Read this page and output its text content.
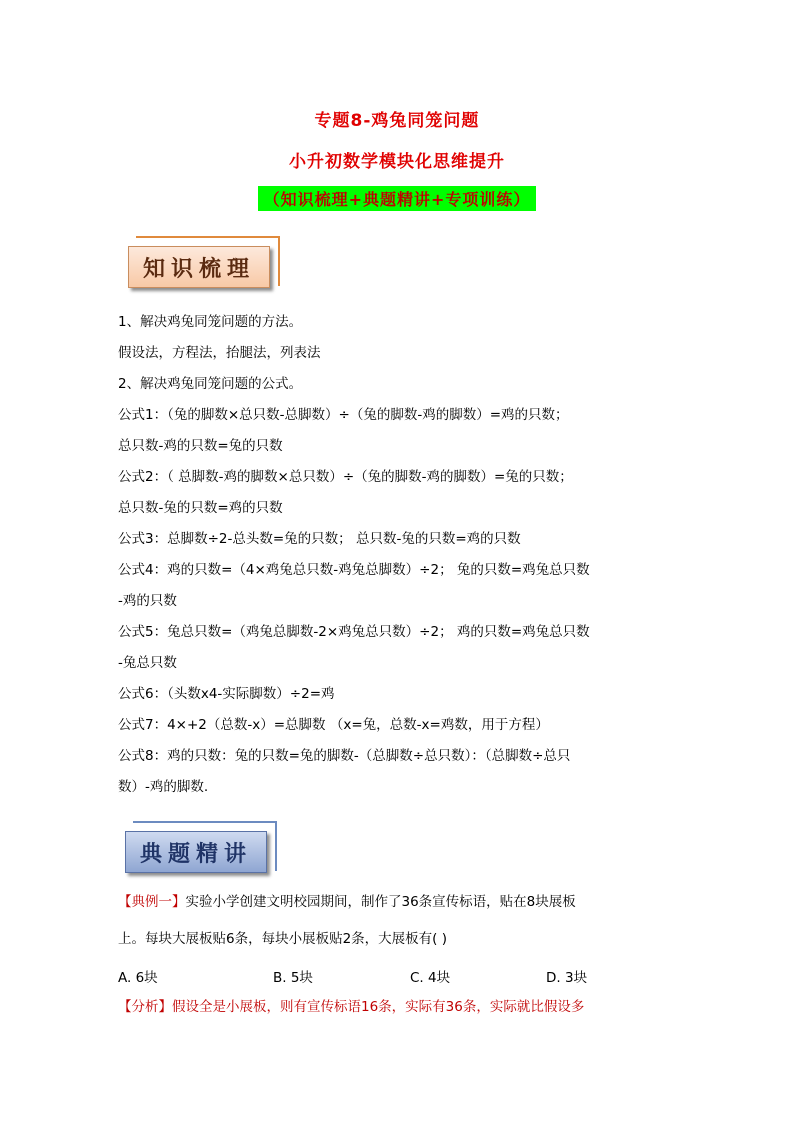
专题8-鸡兔同笼问题
小升初数学模块化思维提升
（知识梳理+典题精讲+专项训练）
知识梳理
1、解决鸡兔同笼问题的方法。
假设法，方程法，抬腿法，列表法
2、解决鸡兔同笼问题的公式。
公式1：（兔的脚数×总只数-总脚数）÷（兔的脚数-鸡的脚数）=鸡的只数；
总只数-鸡的只数=兔的只数
公式2：（ 总脚数-鸡的脚数×总只数）÷（兔的脚数-鸡的脚数）=兔的只数；
总只数-兔的只数=鸡的只数
公式3：总脚数÷2-总头数=兔的只数； 总只数-兔的只数=鸡的只数
公式4：鸡的只数=（4×鸡兔总只数-鸡兔总脚数）÷2； 兔的只数=鸡兔总只数
-鸡的只数
公式5：兔总只数=（鸡兔总脚数-2×鸡兔总只数）÷2； 鸡的只数=鸡兔总只数
-兔总只数
公式6：（头数x4-实际脚数）÷2=鸡
公式7：4×+2（总数-x）=总脚数 （x=兔，总数-x=鸡数，用于方程）
公式8：鸡的只数：兔的只数=兔的脚数-（总脚数÷总只数）：（总脚数÷总只
数）-鸡的脚数.
典题精讲
【典例一】实验小学创建文明校园期间，制作了36条宣传标语，贴在8块展板
上。每块大展板贴6条，每块小展板贴2条，大展板有( )
A. 6块	B. 5块	C. 4块	D. 3块
【分析】假设全是小展板，则有宣传标语16条，实际有36条，实际就比假设多
